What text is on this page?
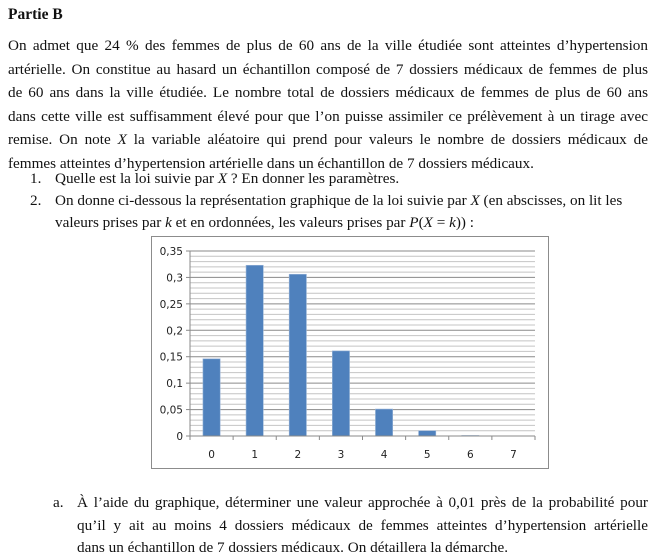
Partie B
On admet que 24 % des femmes de plus de 60 ans de la ville étudiée sont atteintes d’hypertension
artérielle. On constitue au hasard un échantillon composé de 7 dossiers médicaux de femmes de plus
de 60 ans dans la ville étudiée. Le nombre total de dossiers médicaux de femmes de plus de 60 ans
dans cette ville est suffisamment élevé pour que l’on puisse assimiler ce prélèvement à un tirage avec
remise. On note X la variable aléatoire qui prend pour valeurs le nombre de dossiers médicaux de
femmes atteintes d’hypertension artérielle dans un échantillon de 7 dossiers médicaux.
1. Quelle est la loi suivie par X ? En donner les paramètres.
2. On donne ci-dessous la représentation graphique de la loi suivie par X (en abscisses, on lit les
valeurs prises par k et en ordonnées, les valeurs prises par P(X = k)) :
0
0,05
0,1
0,15
0,2
0,25
0,3
0,35
0	1	2	3	4	5	6	7
a. À l’aide du graphique, déterminer une valeur approchée à 0,01 près de la probabilité pour
qu’il y ait au moins 4 dossiers médicaux de femmes atteintes d’hypertension artérielle
dans un échantillon de 7 dossiers médicaux. On détaillera la démarche.
